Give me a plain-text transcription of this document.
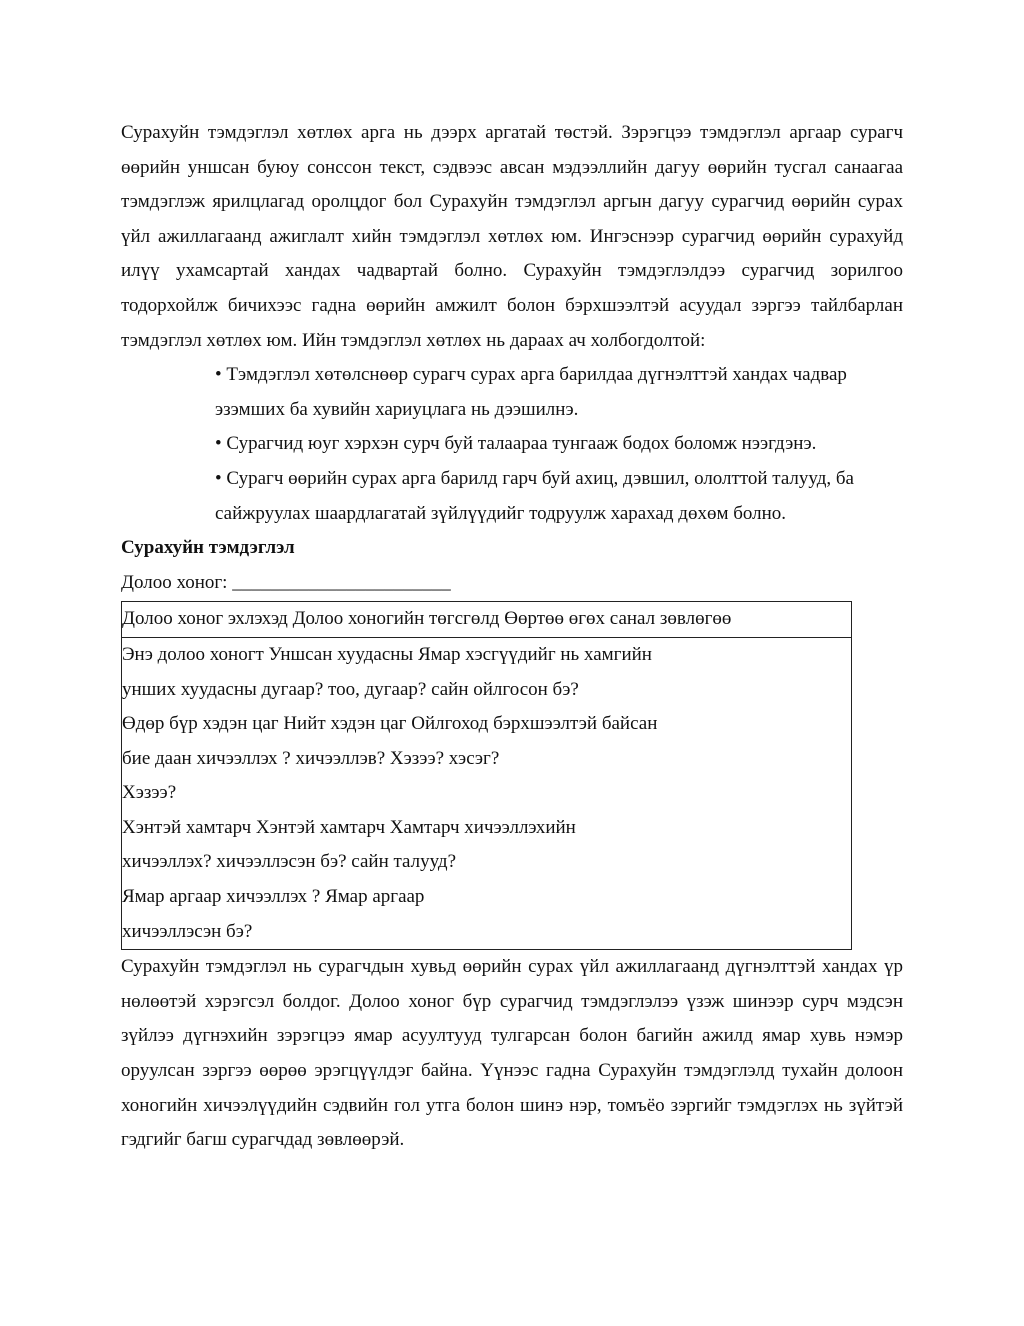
Сурахуйн тэмдэглэл хөтлөх арга нь дээрх аргатай төстэй. Зэрэгцээ тэмдэглэл аргаар сурагч өөрийн уншсан буюу сонссон текст, сэдвээс авсан мэдээллийн дагуу өөрийн тусгал санаагаа тэмдэглэж ярилцлагад оролцдог бол Сурахуйн тэмдэглэл аргын дагуу сурагчид өөрийн сурах үйл ажиллагаанд ажиглалт хийн тэмдэглэл хөтлөх юм. Ингэснээр сурагчид өөрийн сурахуйд илүү ухамсартай хандах чадвартай болно. Сурахуйн тэмдэглэлдээ сурагчид зорилгоо тодорхойлж бичихээс гадна өөрийн амжилт болон бэрхшээлтэй асуудал зэргээ тайлбарлан тэмдэглэл хөтлөх юм. Ийн тэмдэглэл хөтлөх нь дараах ач холбогдолтой:

• Тэмдэглэл хөтөлснөөр сурагч сурах арга барилдаа дүгнэлттэй хандах чадвар эзэмших ба хувийн хариуцлага нь дээшилнэ.
• Сурагчид юуг хэрхэн сурч буй талаараа тунгааж бодох боломж нээгдэнэ.
• Сурагч өөрийн сурах арга барилд гарч буй ахиц, дэвшил, ололттой талууд, ба сайжруулах шаардлагатай зүйлүүдийг тодруулж харахад дөхөм болно.

Сурахуйн тэмдэглэл

Долоо хоног: _______________________

Долоо хоног эхлэхэд Долоо хоногийн төгсгөлд Өөртөө өгөх санал зөвлөгөө
Энэ долоо хоногт Уншсан хуудасны Ямар хэсгүүдийг нь хамгийн
унших хуудасны дугаар? тоо, дугаар? сайн ойлгосон бэ?
Өдөр бүр хэдэн цаг Нийт хэдэн цаг Ойлгоход бэрхшээлтэй байсан
бие даан хичээллэх ? хичээллэв? Хэзээ? хэсэг?
Хэзээ?
Хэнтэй хамтарч Хэнтэй хамтарч Хамтарч хичээллэхийн
хичээллэх? хичээллэсэн бэ? сайн талууд?
Ямар аргаар хичээллэх ? Ямар аргаар
хичээллэсэн бэ?

Сурахуйн тэмдэглэл нь сурагчдын хувьд өөрийн сурах үйл ажиллагаанд дүгнэлттэй хандах үр нөлөөтэй хэрэгсэл болдог. Долоо хоног бүр сурагчид тэмдэглэлээ үзэж шинээр сурч мэдсэн зүйлээ дүгнэхийн зэрэгцээ ямар асуултууд тулгарсан болон багийн ажилд ямар хувь нэмэр оруулсан зэргээ өөрөө эрэгцүүлдэг байна. Үүнээс гадна Сурахуйн тэмдэглэлд тухайн долоон хоногийн хичээлүүдийн сэдвийн гол утга болон шинэ нэр, томъёо зэргийг тэмдэглэх нь зүйтэй гэдгийг багш сурагчдад зөвлөөрэй.
